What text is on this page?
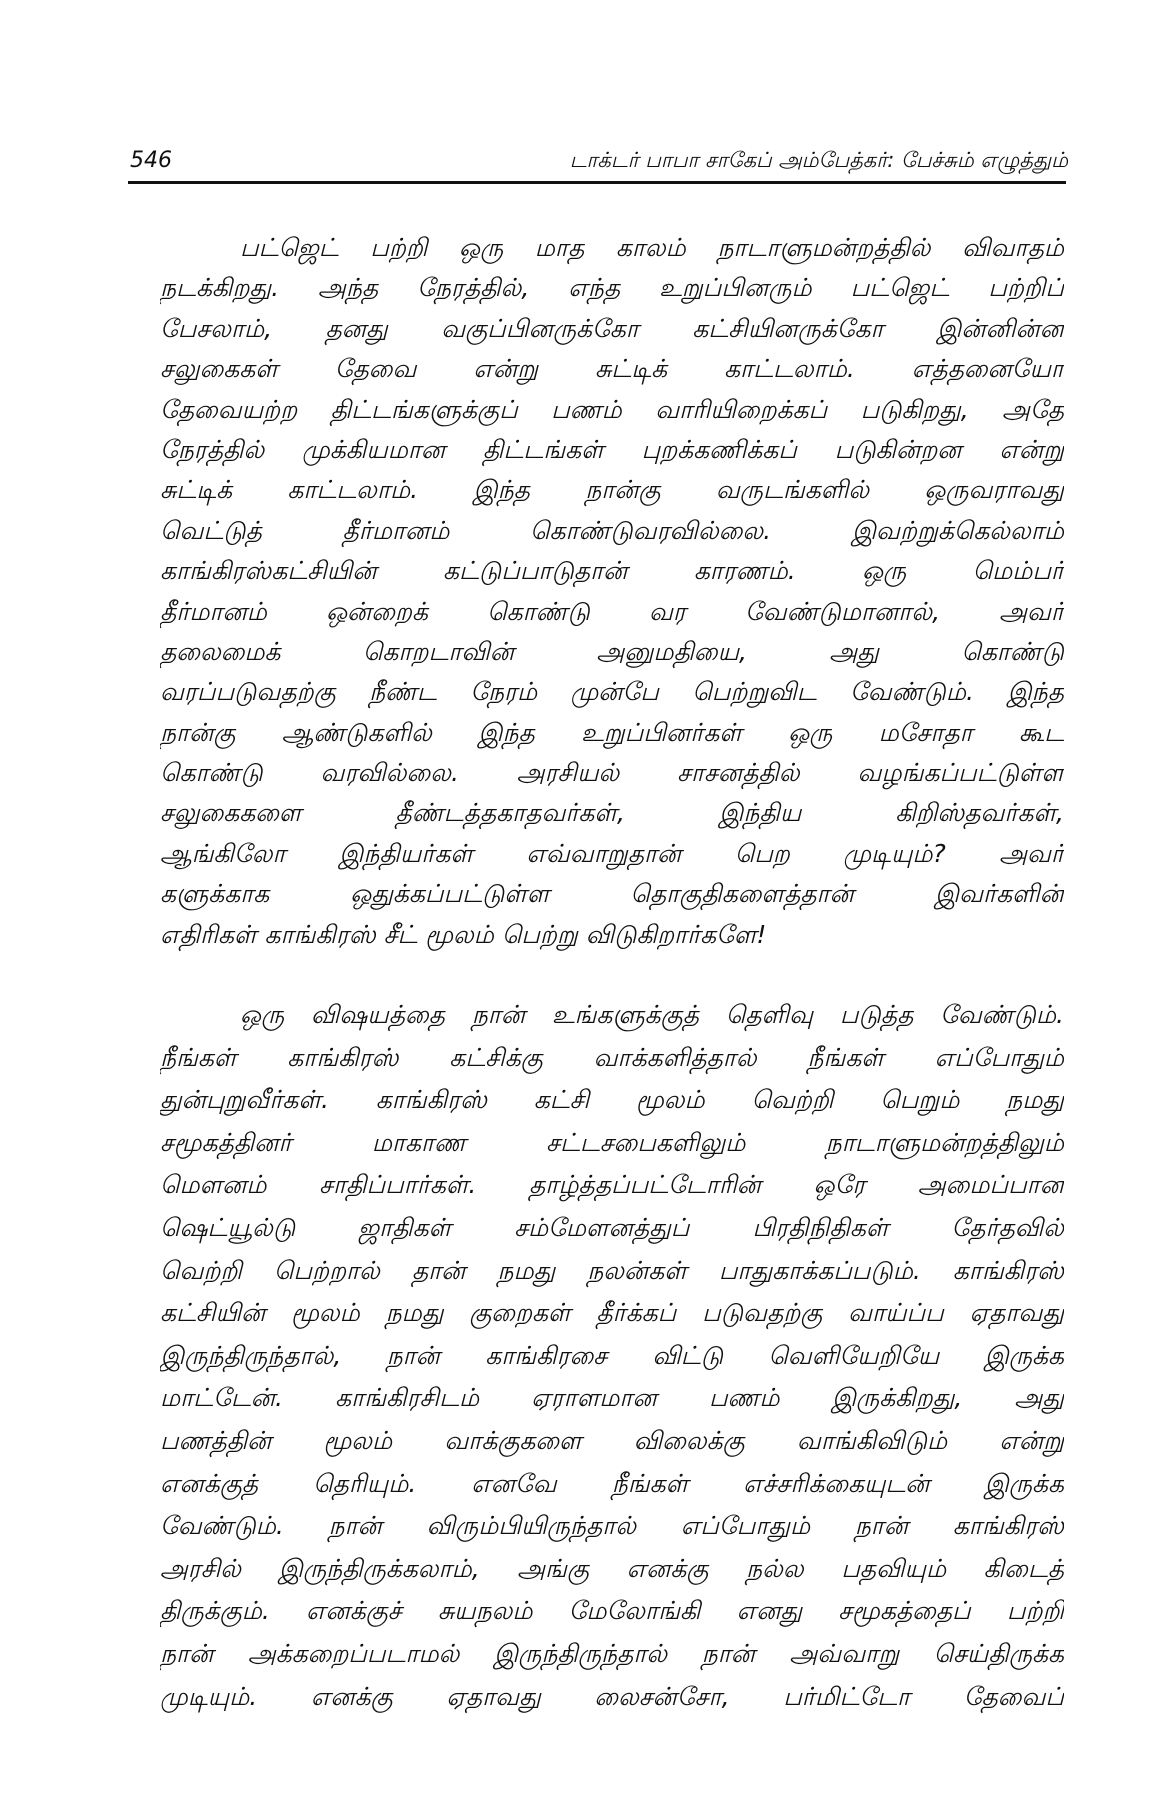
546	டாக்டர் பாபா சாகேப் அம்பேத்கர்: பேச்சும் எழுத்தும்
பட்ஜெட் பற்றி ஒரு மாத காலம் நாடாளுமன்றத்தில் விவாதம்
நடக்கிறது. அந்த நேரத்தில், எந்த உறுப்பினரும் பட்ஜெட் பற்றிப்
பேசலாம், தனது வகுப்பினருக்கோ கட்சியினருக்கோ இன்னின்ன
சலுகைகள் தேவை என்று சுட்டிக் காட்டலாம். எத்தனையோ
தேவையற்ற திட்டங்களுக்குப் பணம் வாரியிறைக்கப் படுகிறது, அதே
நேரத்தில் முக்கியமான திட்டங்கள் புறக்கணிக்கப் படுகின்றன என்று
சுட்டிக் காட்டலாம். இந்த நான்கு வருடங்களில் ஒருவராவது
வெட்டுத் தீர்மானம் கொண்டுவரவில்லை. இவற்றுக்கெல்லாம்
காங்கிரஸ்கட்சியின் கட்டுப்பாடுதான் காரணம். ஒரு மெம்பர்
தீர்மானம் ஒன்றைக் கொண்டு வர வேண்டுமானால், அவர்
தலைமைக் கொறடாவின் அனுமதியை, அது கொண்டு
வரப்படுவதற்கு நீண்ட நேரம் முன்பே பெற்றுவிட வேண்டும். இந்த
நான்கு ஆண்டுகளில் இந்த உறுப்பினர்கள் ஒரு மசோதா கூட
கொண்டு வரவில்லை. அரசியல் சாசனத்தில் வழங்கப்பட்டுள்ள
சலுகைகளை தீண்டத்தகாதவர்கள், இந்திய கிறிஸ்தவர்கள்,
ஆங்கிலோ இந்தியர்கள் எவ்வாறுதான் பெற முடியும்? அவர்
களுக்காக ஒதுக்கப்பட்டுள்ள தொகுதிகளைத்தான் இவர்களின்
எதிரிகள் காங்கிரஸ் சீட் மூலம் பெற்று விடுகிறார்களே!
ஒரு விஷயத்தை நான் உங்களுக்குத் தெளிவு படுத்த வேண்டும்.
நீங்கள் காங்கிரஸ் கட்சிக்கு வாக்களித்தால் நீங்கள் எப்போதும்
துன்புறுவீர்கள். காங்கிரஸ் கட்சி மூலம் வெற்றி பெறும் நமது
சமூகத்தினர் மாகாண சட்டசபைகளிலும் நாடாளுமன்றத்திலும்
மௌனம் சாதிப்பார்கள். தாழ்த்தப்பட்டோரின் ஒரே அமைப்பான
ஷெட்யூல்டு ஜாதிகள் சம்மேளனத்துப் பிரதிநிதிகள் தேர்தவில்
வெற்றி பெற்றால் தான் நமது நலன்கள் பாதுகாக்கப்படும். காங்கிரஸ்
கட்சியின் மூலம் நமது குறைகள் தீர்க்கப் படுவதற்கு வாய்ப்ப ஏதாவது
இருந்திருந்தால், நான் காங்கிரசை விட்டு வெளியேறியே இருக்க
மாட்டேன். காங்கிரசிடம் ஏராளமான பணம் இருக்கிறது, அது
பணத்தின் மூலம் வாக்குகளை விலைக்கு வாங்கிவிடும் என்று
எனக்குத் தெரியும். எனவே நீங்கள் எச்சரிக்கையுடன் இருக்க
வேண்டும். நான் விரும்பியிருந்தால் எப்போதும் நான் காங்கிரஸ்
அரசில் இருந்திருக்கலாம், அங்கு எனக்கு நல்ல பதவியும் கிடைத்
திருக்கும். எனக்குச் சுயநலம் மேலோங்கி எனது சமூகத்தைப் பற்றி
நான் அக்கறைப்படாமல் இருந்திருந்தால் நான் அவ்வாறு செய்திருக்க
முடியும். எனக்கு ஏதாவது லைசன்சோ, பர்மிட்டோ தேவைப்
